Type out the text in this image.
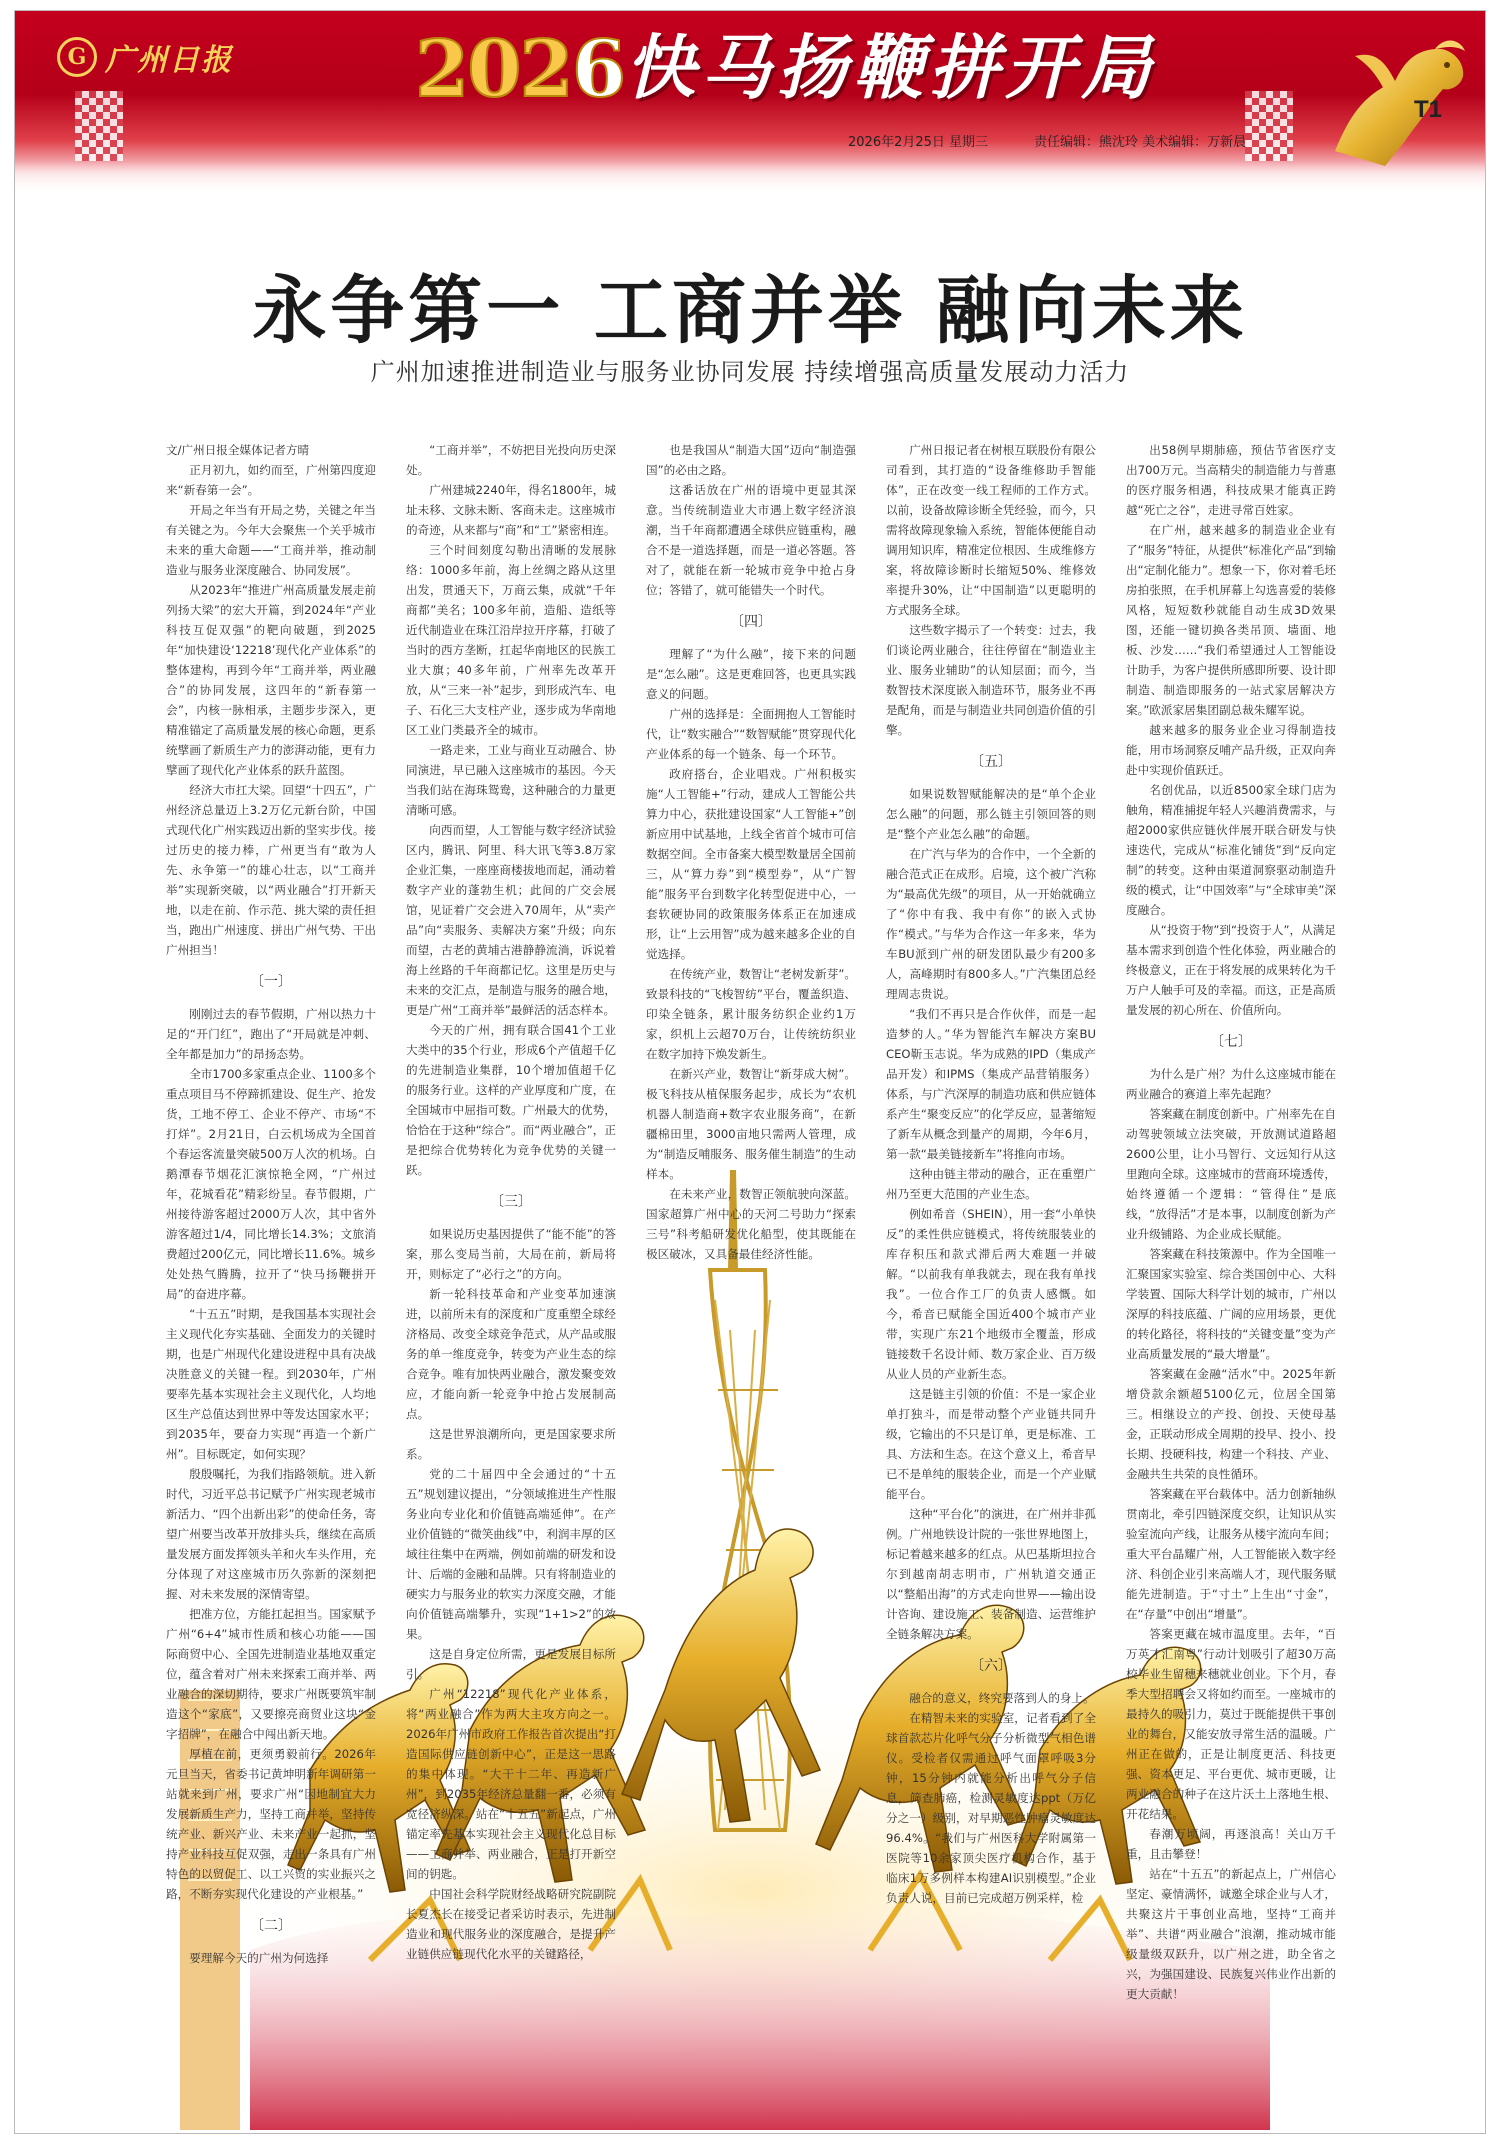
G 广州日报 2026 快马扬鞭拼开局
2026年2月25日 星期三	责任编辑：熊沈玲 美术编辑：万新晨
T1
永争第一 工商并举 融向未来
广州加速推进制造业与服务业协同发展 持续增强高质量发展动力活力

文/广州日报全媒体记者方晴

正月初九，如约而至，广州第四度迎来“新春第一会”。

开局之年当有开局之势，关键之年当有关键之为。今年大会聚焦一个关乎城市未来的重大命题——“工商并举，推动制造业与服务业深度融合、协同发展”。

从2023年“推进广州高质量发展走前列扬大梁”的宏大开篇，到2024年“产业科技互促双强”的靶向破题，到2025年“加快建设‘12218’现代化产业体系”的整体建构，再到今年“工商并举，两业融合”的协同发展，这四年的“新春第一会”，内核一脉相承，主题步步深入，更精准锚定了高质量发展的核心命题，更系统擘画了新质生产力的澎湃动能，更有力擘画了现代化产业体系的跃升蓝图。

经济大市扛大梁。回望“十四五”，广州经济总量迈上3.2万亿元新台阶，中国式现代化广州实践迈出新的坚实步伐。接过历史的接力棒，广州更当有“敢为人先、永争第一”的雄心壮志，以“工商并举”实现新突破，以“两业融合”打开新天地，以走在前、作示范、挑大梁的责任担当，跑出广州速度、拼出广州气势、干出广州担当！

〔一〕

刚刚过去的春节假期，广州以热力十足的“开门红”，跑出了“开局就是冲刺、全年都是加力”的昂扬态势。

全市1700多家重点企业、1100多个重点项目马不停蹄抓建设、促生产、抢发货，工地不停工、企业不停产、市场“不打烊”。2月21日，白云机场成为全国首个春运客流量突破500万人次的机场。白鹅潭春节烟花汇演惊艳全网，“广州过年，花城看花”精彩纷呈。春节假期，广州接待游客超过2000万人次，其中省外游客超过1/4，同比增长14.3%；文旅消费超过200亿元，同比增长11.6%。城乡处处热气腾腾，拉开了“快马扬鞭拼开局”的奋进序幕。

“十五五”时期，是我国基本实现社会主义现代化夯实基础、全面发力的关键时期，也是广州现代化建设进程中具有决战决胜意义的关键一程。到2030年，广州要率先基本实现社会主义现代化，人均地区生产总值达到世界中等发达国家水平；到2035年，要奋力实现“再造一个新广州”。目标既定，如何实现？

殷殷嘱托，为我们指路领航。进入新时代，习近平总书记赋予广州实现老城市新活力、“四个出新出彩”的使命任务，寄望广州要当改革开放排头兵，继续在高质量发展方面发挥领头羊和火车头作用，充分体现了对这座城市历久弥新的深刻把握、对未来发展的深情寄望。

把准方位，方能扛起担当。国家赋予广州“6+4”城市性质和核心功能——国际商贸中心、全国先进制造业基地双重定位，蕴含着对广州未来探索工商并举、两业融合的深切期待，要求广州既要筑牢制造这个“家底”，又要擦亮商贸业这块“金字招牌”，在融合中闯出新天地。

厚植在前，更须勇毅前行。2026年元旦当天，省委书记黄坤明新年调研第一站就来到广州，要求广州“因地制宜大力发展新质生产力，坚持工商并举，坚持传统产业、新兴产业、未来产业一起抓，坚持产业科技互促双强，走出一条具有广州特色的以贸促工、以工兴贸的实业振兴之路，不断夯实现代化建设的产业根基。”

〔二〕

要理解今天的广州为何选择

“工商并举”，不妨把目光投向历史深处。

广州建城2240年，得名1800年，城址未移、文脉未断、客商未走。这座城市的奇迹，从来都与“商”和“工”紧密相连。

三个时间刻度勾勒出清晰的发展脉络：1000多年前，海上丝绸之路从这里出发，贯通天下，万商云集，成就“千年商都”美名；100多年前，造船、造纸等近代制造业在珠江沿岸拉开序幕，打破了当时的西方垄断，扛起华南地区的民族工业大旗；40多年前，广州率先改革开放，从“三来一补”起步，到形成汽车、电子、石化三大支柱产业，逐步成为华南地区工业门类最齐全的城市。

一路走来，工业与商业互动融合、协同演进，早已融入这座城市的基因。今天当我们站在海珠鸳鸯，这种融合的力量更清晰可感。

向西而望，人工智能与数字经济试验区内，腾讯、阿里、科大讯飞等3.8万家企业汇集，一座座商楼拔地而起，涌动着数字产业的蓬勃生机；此间的广交会展馆，见证着广交会进入70周年，从“卖产品”向“卖服务、卖解决方案”升级；向东而望，古老的黄埔古港静静流淌，诉说着海上丝路的千年商都记忆。这里是历史与未来的交汇点，是制造与服务的融合地，更是广州“工商并举”最鲜活的活态样本。

今天的广州，拥有联合国41个工业大类中的35个行业，形成6个产值超千亿的先进制造业集群，10个增加值超千亿的服务行业。这样的产业厚度和广度，在全国城市中屈指可数。广州最大的优势，恰恰在于这种“综合”。而“两业融合”，正是把综合优势转化为竞争优势的关键一跃。

〔三〕

如果说历史基因提供了“能不能”的答案，那么变局当前，大局在前，新局将开，则标定了“必行之”的方向。

新一轮科技革命和产业变革加速演进，以前所未有的深度和广度重塑全球经济格局、改变全球竞争范式，从产品或服务的单一维度竞争，转变为产业生态的综合竞争。唯有加快两业融合，激发聚变效应，才能向新一轮竞争中抢占发展制高点。

这是世界浪潮所向，更是国家要求所系。

党的二十届四中全会通过的“十五五”规划建议提出，“分领域推进生产性服务业向专业化和价值链高端延伸”。在产业价值链的“微笑曲线”中，利润丰厚的区域往往集中在两端，例如前端的研发和设计、后端的金融和品牌。只有将制造业的硬实力与服务业的软实力深度交融，才能向价值链高端攀升，实现“1+1>2”的效果。

这是自身定位所需，更是发展目标所引。

广州“12218”现代化产业体系，将“两业融合”作为两大主攻方向之一。2026年广州市政府工作报告首次提出“打造国际供应链创新中心”，正是这一思路的集中体现。“大干十二年、再造新广州”，到2035年经济总量翻一番，必须有宽径济纵深。站在“十五五”新起点，广州锚定率先基本实现社会主义现代化总目标——工商并举、两业融合，正是打开新空间的钥匙。

中国社会科学院财经战略研究院副院长夏杰长在接受记者采访时表示，先进制造业和现代服务业的深度融合，是提升产业链供应链现代化水平的关键路径，

也是我国从“制造大国”迈向“制造强国”的必由之路。

这番话放在广州的语境中更显其深意。当传统制造业大市遇上数字经济浪潮，当千年商都遭遇全球供应链重构，融合不是一道选择题，而是一道必答题。答对了，就能在新一轮城市竞争中抢占身位；答错了，就可能错失一个时代。

〔四〕

理解了“为什么融”，接下来的问题是“怎么融”。这是更难回答，也更具实践意义的问题。

广州的选择是：全面拥抱人工智能时代，让“数实融合”“数智赋能”贯穿现代化产业体系的每一个链条、每一个环节。

政府搭台，企业唱戏。广州积极实施“人工智能+”行动，建成人工智能公共算力中心，获批建设国家“人工智能+”创新应用中试基地，上线全省首个城市可信数据空间。全市备案大模型数量居全国前三，从“算力券”到“模型券”，从“广智能”服务平台到数字化转型促进中心，一套软硬协同的政策服务体系正在加速成形，让“上云用智”成为越来越多企业的自觉选择。

在传统产业，数智让“老树发新芽”。致景科技的“飞梭智纺”平台，覆盖织造、印染全链条，累计服务纺织企业约1万家，织机上云超70万台，让传统纺织业在数字加持下焕发新生。

在新兴产业，数智让“新芽成大树”。极飞科技从植保服务起步，成长为“农机机器人制造商+数字农业服务商”，在新疆棉田里，3000亩地只需两人管理，成为“制造反哺服务、服务催生制造”的生动样本。

在未来产业，数智正领航驶向深蓝。国家超算广州中心的天河二号助力“探索三号”科考船研发优化船型，使其既能在极区破冰，又具备最佳经济性能。

广州日报记者在树根互联股份有限公司看到，其打造的“设备维修助手智能体”，正在改变一线工程师的工作方式。以前，设备故障诊断全凭经验，而今，只需将故障现象输入系统，智能体便能自动调用知识库，精准定位根因、生成维修方案，将故障诊断时长缩短50%、维修效率提升30%，让“中国制造”以更聪明的方式服务全球。

这些数字揭示了一个转变：过去，我们谈论两业融合，往往停留在“制造业主业、服务业辅助”的认知层面；而今，当数智技术深度嵌入制造环节，服务业不再是配角，而是与制造业共同创造价值的引擎。

〔五〕

如果说数智赋能解决的是“单个企业怎么融”的问题，那么链主引领回答的则是“整个产业怎么融”的命题。

在广汽与华为的合作中，一个全新的融合范式正在成形。启境，这个被广汽称为“最高优先级”的项目，从一开始就确立了“你中有我、我中有你”的嵌入式协作“模式。”与华为合作这一年多来，华为车BU派到广州的研发团队最少有200多人，高峰期时有800多人。”广汽集团总经理周志贵说。

“我们不再只是合作伙伴，而是一起造梦的人。”华为智能汽车解决方案BU CEO靳玉志说。华为成熟的IPD（集成产品开发）和IPMS（集成产品营销服务）体系，与广汽深厚的制造功底和供应链体系产生“聚变反应”的化学反应，显著缩短了新车从概念到量产的周期，今年6月，第一款“最美链接新车”将推向市场。

这种由链主带动的融合，正在重塑广州乃至更大范围的产业生态。

例如希音（SHEIN），用一套“小单快反”的柔性供应链模式，将传统服装业的库存积压和款式滞后两大难题一并破解。“以前我有单我就去，现在我有单找我”。一位合作工厂的负责人感慨。如今，希音已赋能全国近400个城市产业带，实现广东21个地级市全覆盖，形成链接数千名设计师、数万家企业、百万级从业人员的产业新生态。

这是链主引领的价值：不是一家企业单打独斗，而是带动整个产业链共同升级，它输出的不只是订单，更是标准、工具、方法和生态。在这个意义上，希音早已不是单纯的服装企业，而是一个产业赋能平台。

这种“平台化”的演进，在广州并非孤例。广州地铁设计院的一张世界地图上，标记着越来越多的红点。从巴基斯坦拉合尔到越南胡志明市，广州轨道交通正以“整船出海”的方式走向世界——输出设计咨询、建设施工、装备制造、运营维护全链条解决方案。

〔六〕

融合的意义，终究要落到人的身上。

在精智未来的实验室，记者看到了全球首款芯片化呼气分子分析微型气相色谱仪。受检者仅需通过呼气面罩呼吸3分钟，15分钟内就能分析出呼气分子信息，筛查肺癌，检测灵敏度达ppt（万亿分之一）级别，对早期恶性肿瘤灵敏度达96.4%。“我们与广州医科大学附属第一医院等10余家顶尖医疗机构合作，基于临床1万多例样本构建AI识别模型。”企业负责人说，目前已完成超万例采样，检

出58例早期肺癌，预估节省医疗支出700万元。当高精尖的制造能力与普惠的医疗服务相遇，科技成果才能真正跨越“死亡之谷”，走进寻常百姓家。

在广州，越来越多的制造业企业有了“服务”特征，从提供“标准化产品”到输出“定制化能力”。想象一下，你对着毛坯房拍张照，在手机屏幕上勾选喜爱的装修风格，短短数秒就能自动生成3D效果图，还能一键切换各类吊顶、墙面、地板、沙发……“我们希望通过人工智能设计助手，为客户提供所感即所要、设计即制造、制造即服务的一站式家居解决方案。”欧派家居集团副总裁朱耀军说。

越来越多的服务业企业习得制造技能，用市场洞察反哺产品升级，正双向奔赴中实现价值跃迁。

名创优品，以近8500家全球门店为触角，精准捕捉年轻人兴趣消费需求，与超2000家供应链伙伴展开联合研发与快速迭代，完成从“标准化铺货”到“反向定制”的转变。这种由渠道洞察驱动制造升级的模式，让“中国效率”与“全球审美”深度融合。

从“投资于物”到“投资于人”，从满足基本需求到创造个性化体验，两业融合的终极意义，正在于将发展的成果转化为千万户人触手可及的幸福。而这，正是高质量发展的初心所在、价值所向。

〔七〕

为什么是广州？为什么这座城市能在两业融合的赛道上率先起跑？

答案藏在制度创新中。广州率先在自动驾驶领域立法突破，开放测试道路超2600公里，让小马智行、文远知行从这里跑向全球。这座城市的营商环境透传，始终遵循一个逻辑：“管得住”是底线，“放得活”才是本事，以制度创新为产业升级铺路、为企业成长赋能。

答案藏在科技策源中。作为全国唯一汇聚国家实验室、综合类国创中心、大科学装置、国际大科学计划的城市，广州以深厚的科技底蕴、广阔的应用场景，更优的转化路径，将科技的“关键变量”变为产业高质量发展的“最大增量”。

答案藏在金融“活水”中。2025年新增贷款余额超5100亿元，位居全国第三。相继设立的产投、创投、天使母基金，正联动形成全周期的投早、投小、投长期、投硬科技，构建一个科技、产业、金融共生共荣的良性循环。

答案藏在平台载体中。活力创新轴纵贯南北，牵引四链深度交织，让知识从实验室流向产线，让服务从楼宇流向车间；重大平台晶耀广州，人工智能嵌入数字经济、科创企业引来高端人才，现代服务赋能先进制造。于“寸土”上生出“寸金”，在“存量”中创出“增量”。

答案更藏在城市温度里。去年，“百万英才汇南粤”行动计划吸引了超30万高校毕业生留穗来穗就业创业。下个月，春季大型招聘会又将如约而至。一座城市的最持久的吸引力，莫过于既能提供干事创业的舞台，又能安放寻常生活的温暖。广州正在做的，正是让制度更活、科技更强、资本更足、平台更优、城市更暖，让两业融合的种子在这片沃土上落地生根、开花结果。

春潮万顷阔，再逐浪高！关山万千重，且击攀登！

站在“十五五”的新起点上，广州信心坚定、豪情满怀，诚邀全球企业与人才，共聚这片干事创业高地，坚持“工商并举”、共谱“两业融合”浪潮，推动城市能级量级双跃升，以广州之进，助全省之兴，为强国建设、民族复兴伟业作出新的更大贡献！
